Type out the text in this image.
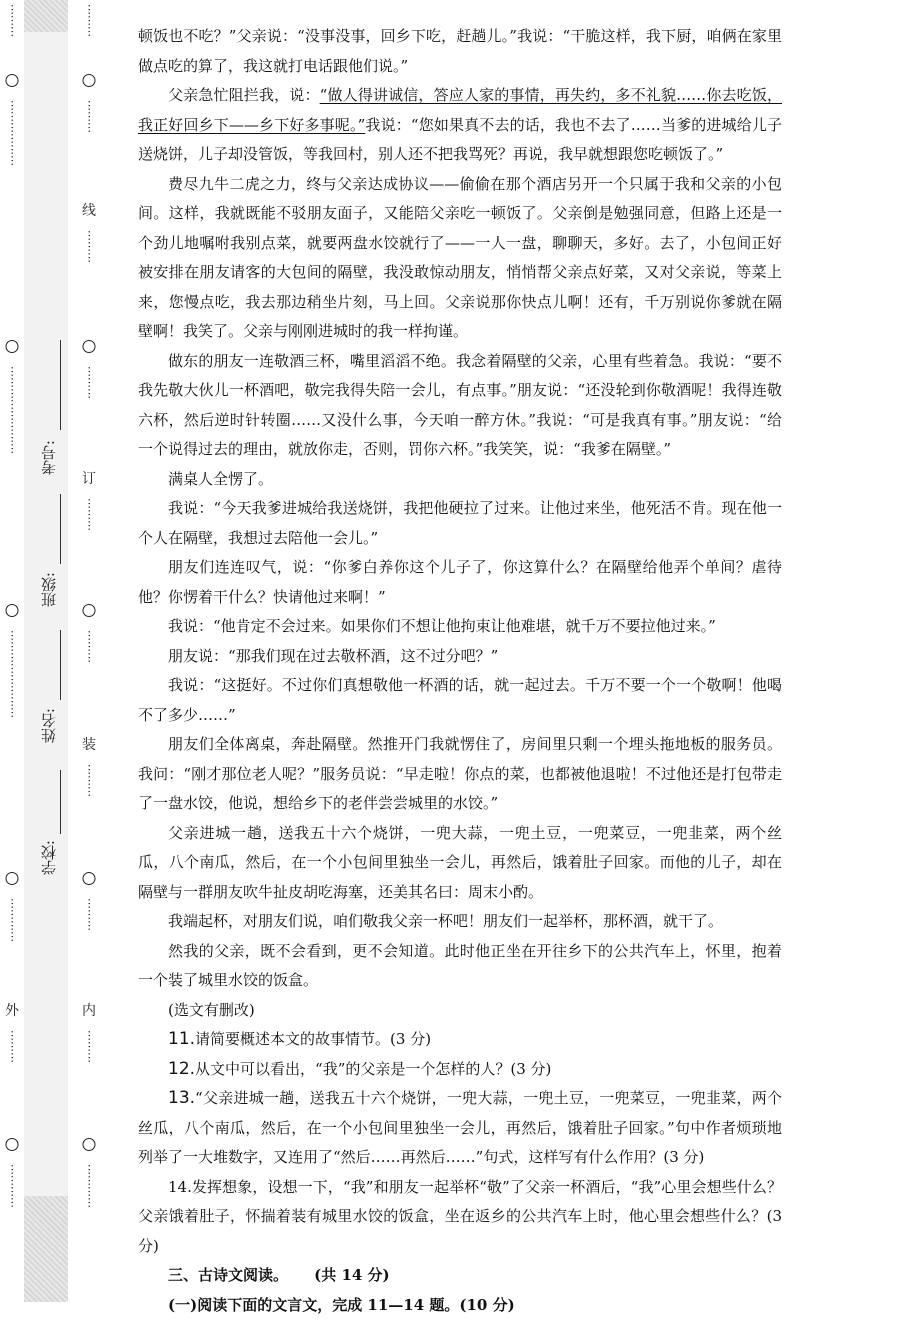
⋯⋯⋯
⋯⋯⋯⋯⋯⋯
⋯⋯⋯⋯⋯⋯⋯⋯
⋯⋯⋯⋯⋯⋯⋯⋯
⋯⋯⋯⋯
外
⋯⋯⋯
⋯⋯⋯⋯
学校:
姓名:
班级:
考号:
⋯⋯⋯
⋯⋯⋯
线
⋯⋯⋯
⋯⋯⋯
订
⋯⋯⋯
⋯⋯⋯
装
⋯⋯⋯
⋯⋯⋯
内
⋯⋯⋯
⋯⋯⋯⋯

顿饭也不吃？”父亲说：“没事没事，回乡下吃，赶趟儿。”我说：“干脆这样，我下厨，咱俩在家里做点吃的算了，我这就打电话跟他们说。”

父亲急忙阻拦我，说：“做人得讲诚信，答应人家的事情，再失约，多不礼貌……你去吃饭，我正好回乡下——乡下好多事呢。”我说：“您如果真不去的话，我也不去了……当爹的进城给儿子送烧饼，儿子却没管饭，等我回村，别人还不把我骂死？再说，我早就想跟您吃顿饭了。”

费尽九牛二虎之力，终与父亲达成协议——偷偷在那个酒店另开一个只属于我和父亲的小包间。这样，我就既能不驳朋友面子，又能陪父亲吃一顿饭了。父亲倒是勉强同意，但路上还是一个劲儿地嘱咐我别点菜，就要两盘水饺就行了——一人一盘，聊聊天，多好。去了，小包间正好被安排在朋友请客的大包间的隔壁，我没敢惊动朋友，悄悄帮父亲点好菜，又对父亲说，等菜上来，您慢点吃，我去那边稍坐片刻，马上回。父亲说那你快点儿啊！还有，千万别说你爹就在隔壁啊！我笑了。父亲与刚刚进城时的我一样拘谨。

做东的朋友一连敬酒三杯，嘴里滔滔不绝。我念着隔壁的父亲，心里有些着急。我说：“要不我先敬大伙儿一杯酒吧，敬完我得失陪一会儿，有点事。”朋友说：“还没轮到你敬酒呢！我得连敬六杯，然后逆时针转圈……又没什么事，今天咱一醉方休。”我说：“可是我真有事。”朋友说：“给一个说得过去的理由，就放你走，否则，罚你六杯。”我笑笑，说：“我爹在隔壁。”

满桌人全愣了。

我说：“今天我爹进城给我送烧饼，我把他硬拉了过来。让他过来坐，他死活不肯。现在他一个人在隔壁，我想过去陪他一会儿。”

朋友们连连叹气，说：“你爹白养你这个儿子了，你这算什么？在隔壁给他弄个单间？虐待他？你愣着干什么？快请他过来啊！”

我说：“他肯定不会过来。如果你们不想让他拘束让他难堪，就千万不要拉他过来。”

朋友说：“那我们现在过去敬杯酒，这不过分吧？”

我说：“这挺好。不过你们真想敬他一杯酒的话，就一起过去。千万不要一个一个敬啊！他喝不了多少……”

朋友们全体离桌，奔赴隔壁。然推开门我就愣住了，房间里只剩一个埋头拖地板的服务员。我问：“刚才那位老人呢？”服务员说：“早走啦！你点的菜，也都被他退啦！不过他还是打包带走了一盘水饺，他说，想给乡下的老伴尝尝城里的水饺。”

父亲进城一趟，送我五十六个烧饼，一兜大蒜，一兜土豆，一兜菜豆，一兜韭菜，两个丝瓜，八个南瓜，然后，在一个小包间里独坐一会儿，再然后，饿着肚子回家。而他的儿子，却在隔壁与一群朋友吹牛扯皮胡吃海塞，还美其名曰：周末小酌。

我端起杯，对朋友们说，咱们敬我父亲一杯吧！朋友们一起举杯，那杯酒，就干了。

然我的父亲，既不会看到，更不会知道。此时他正坐在开往乡下的公共汽车上，怀里，抱着一个装了城里水饺的饭盒。

(选文有删改)

11.请简要概述本文的故事情节。(3 分)

12.从文中可以看出，“我”的父亲是一个怎样的人？(3 分)

13.“父亲进城一趟，送我五十六个烧饼，一兜大蒜，一兜土豆，一兜菜豆，一兜韭菜，两个丝瓜，八个南瓜，然后，在一个小包间里独坐一会儿，再然后，饿着肚子回家。”句中作者烦琐地列举了一大堆数字，又连用了“然后……再然后……”句式，这样写有什么作用？(3 分)

14.发挥想象，设想一下，“我”和朋友一起举杯“敬”了父亲一杯酒后，“我”心里会想些什么？父亲饿着肚子，怀揣着装有城里水饺的饭盒，坐在返乡的公共汽车上时，他心里会想些什么？(3 分)

三、古诗文阅读。 (共 14 分)

(一)阅读下面的文言文，完成 11—14 题。(10 分)
